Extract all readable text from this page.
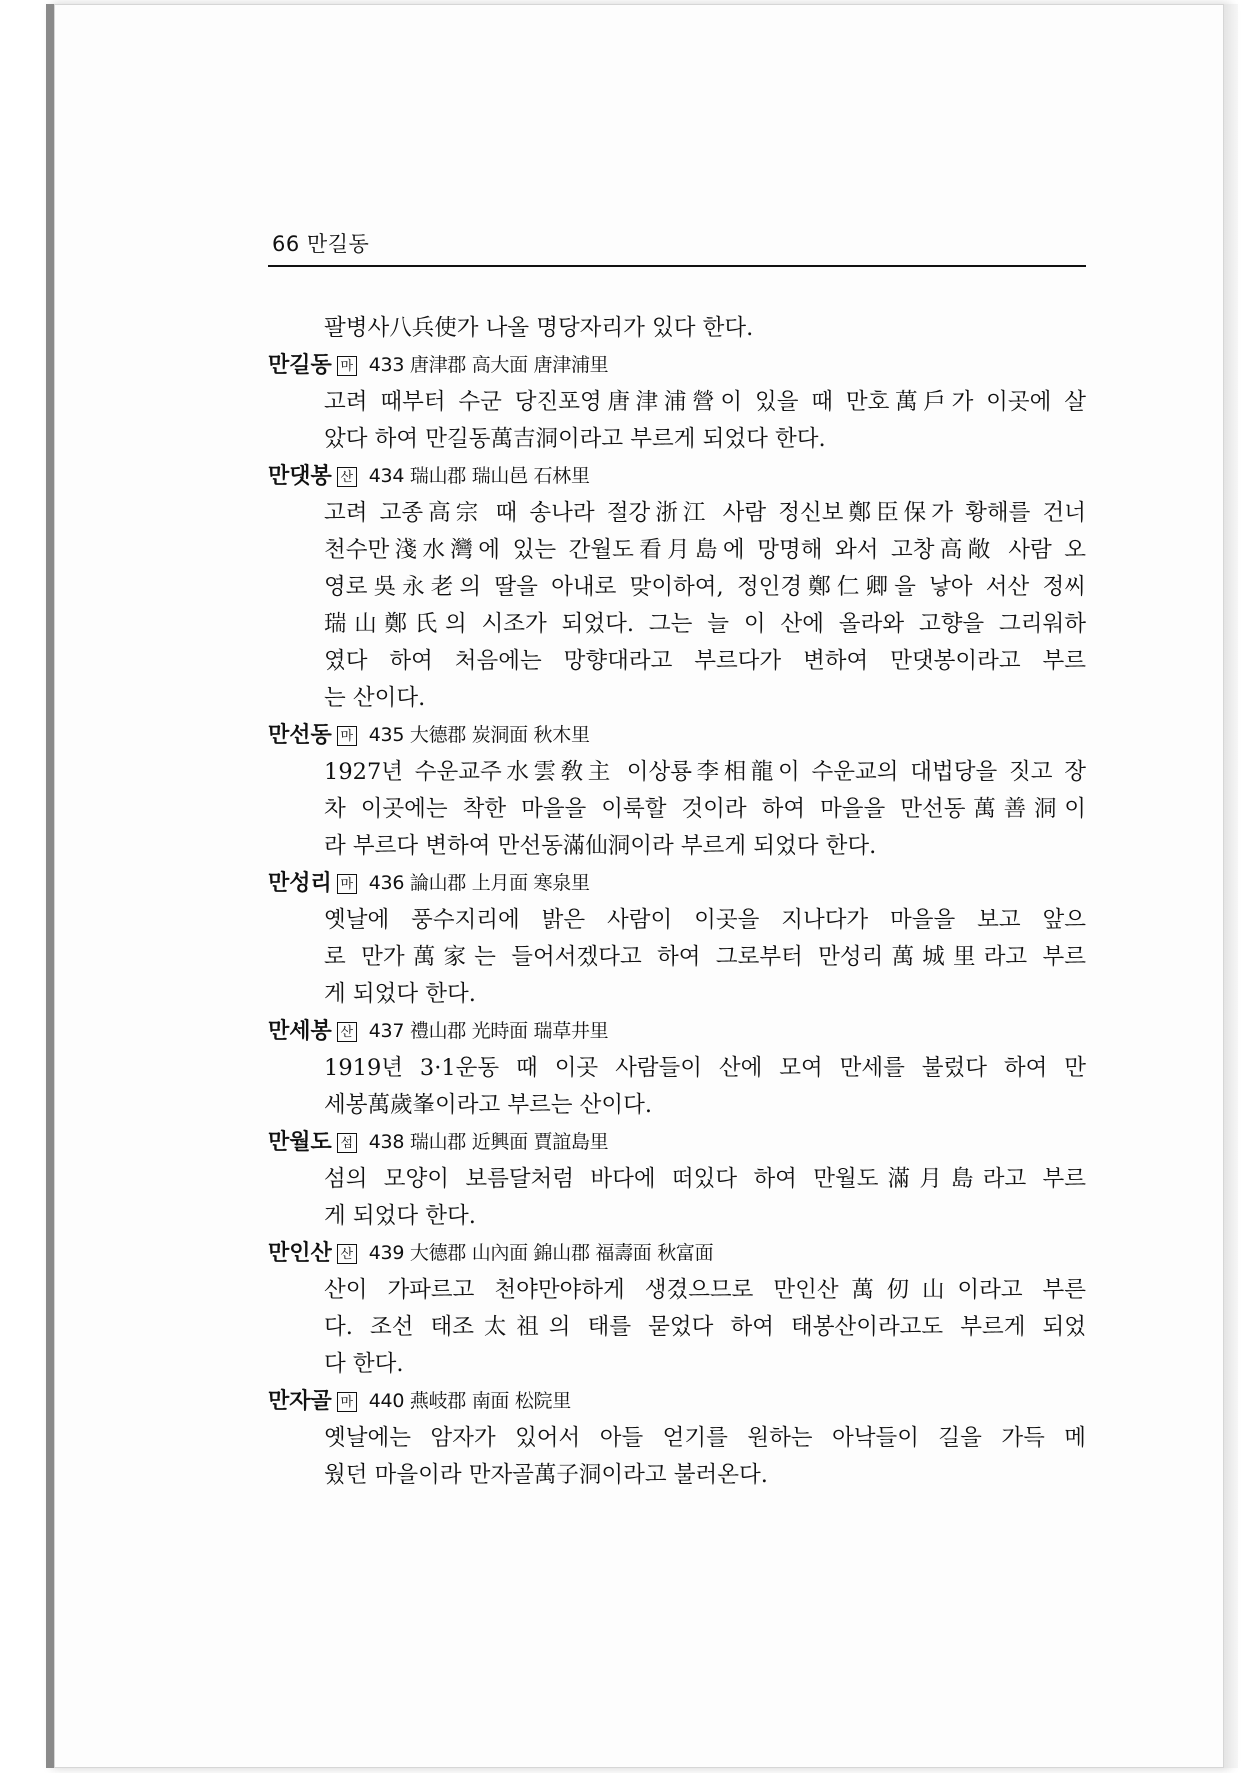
66 만길동
팔병사八兵使가 나올 명당자리가 있다 한다.
만길동 마 433 唐津郡 高大面 唐津浦里
고려 때부터 수군 당진포영唐津浦營이 있을 때 만호萬戶가 이곳에 살
았다 하여 만길동萬吉洞이라고 부르게 되었다 한다.
만댓봉 산 434 瑞山郡 瑞山邑 石林里
고려 고종高宗 때 송나라 절강浙江 사람 정신보鄭臣保가 황해를 건너
천수만淺水灣에 있는 간월도看月島에 망명해 와서 고창高敞 사람 오
영로吳永老의 딸을 아내로 맞이하여, 정인경鄭仁卿을 낳아 서산 정씨
瑞山鄭氏의 시조가 되었다. 그는 늘 이 산에 올라와 고향을 그리워하
였다 하여 처음에는 망향대라고 부르다가 변하여 만댓봉이라고 부르
는 산이다.
만선동 마 435 大德郡 炭洞面 秋木里
1927년 수운교주水雲敎主 이상룡李相龍이 수운교의 대법당을 짓고 장
차 이곳에는 착한 마을을 이룩할 것이라 하여 마을을 만선동萬善洞이
라 부르다 변하여 만선동滿仙洞이라 부르게 되었다 한다.
만성리 마 436 論山郡 上月面 寒泉里
옛날에 풍수지리에 밝은 사람이 이곳을 지나다가 마을을 보고 앞으
로 만가萬家는 들어서겠다고 하여 그로부터 만성리萬城里라고 부르
게 되었다 한다.
만세봉 산 437 禮山郡 光時面 瑞草井里
1919년 3·1운동 때 이곳 사람들이 산에 모여 만세를 불렀다 하여 만
세봉萬歲峯이라고 부르는 산이다.
만월도 섬 438 瑞山郡 近興面 賈誼島里
섬의 모양이 보름달처럼 바다에 떠있다 하여 만월도滿月島라고 부르
게 되었다 한다.
만인산 산 439 大德郡 山內面 錦山郡 福壽面 秋富面
산이 가파르고 천야만야하게 생겼으므로 만인산萬仞山이라고 부른
다. 조선 태조太祖의 태를 묻었다 하여 태봉산이라고도 부르게 되었
다 한다.
만자골 마 440 燕岐郡 南面 松院里
옛날에는 암자가 있어서 아들 얻기를 원하는 아낙들이 길을 가득 메
웠던 마을이라 만자골萬子洞이라고 불러온다.
